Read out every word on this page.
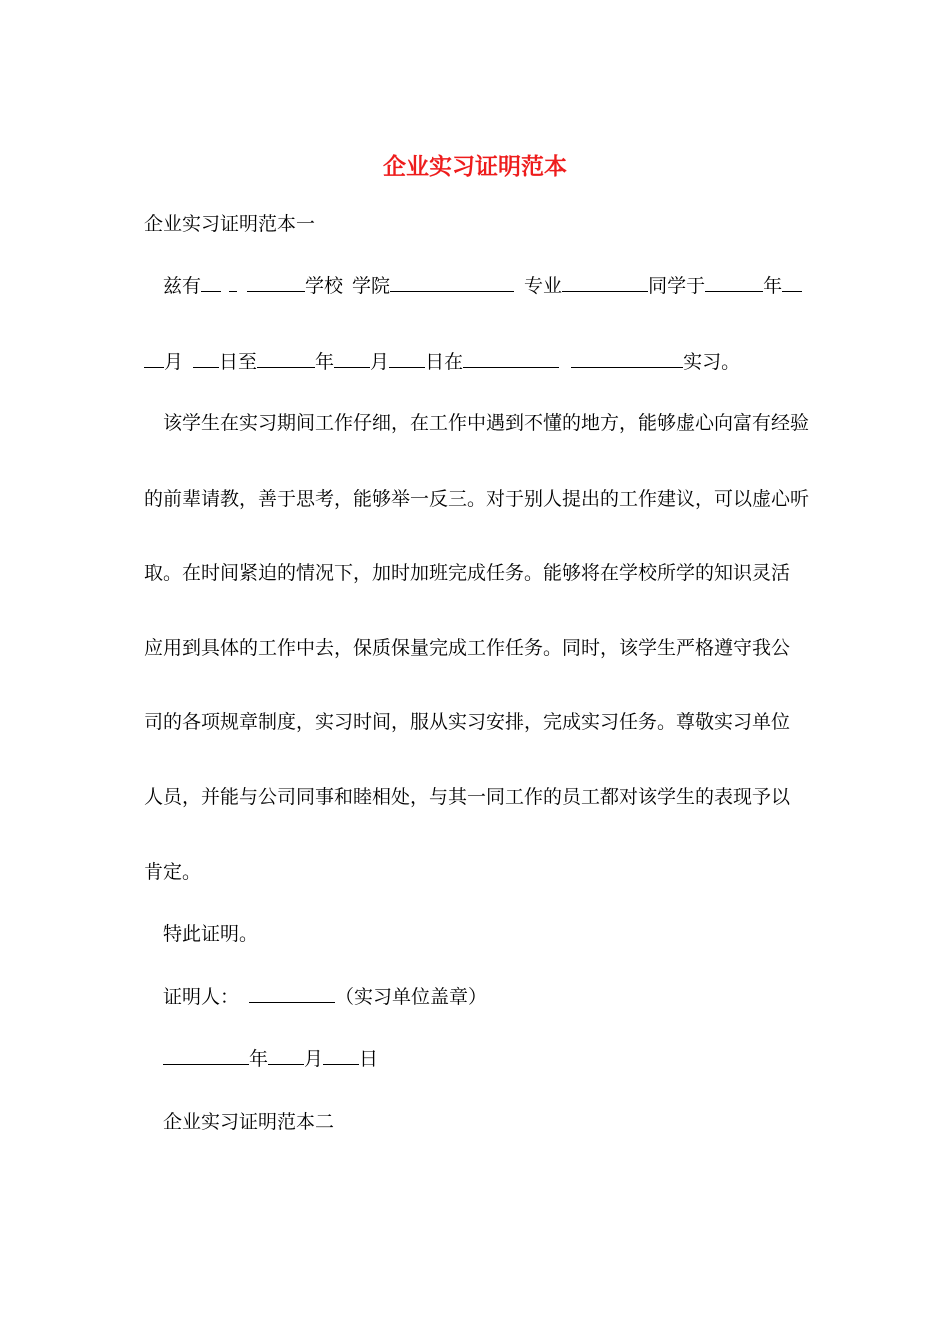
企业实习证明范本

企业实习证明范本一

兹有	学校 学院	专业	同学于	年

月 日至	年 月 日在	实习。

该学生在实习期间工作仔细，在工作中遇到不懂的地方，能够虚心向富有经验

的前辈请教，善于思考，能够举一反三。对于别人提出的工作建议，可以虚心听

取。在时间紧迫的情况下，加时加班完成任务。能够将在学校所学的知识灵活

应用到具体的工作中去，保质保量完成工作任务。同时，该学生严格遵守我公

司的各项规章制度，实习时间，服从实习安排，完成实习任务。尊敬实习单位

人员，并能与公司同事和睦相处，与其一同工作的员工都对该学生的表现予以

肯定。

特此证明。

证明人：	（实习单位盖章）

年 月 日

企业实习证明范本二
